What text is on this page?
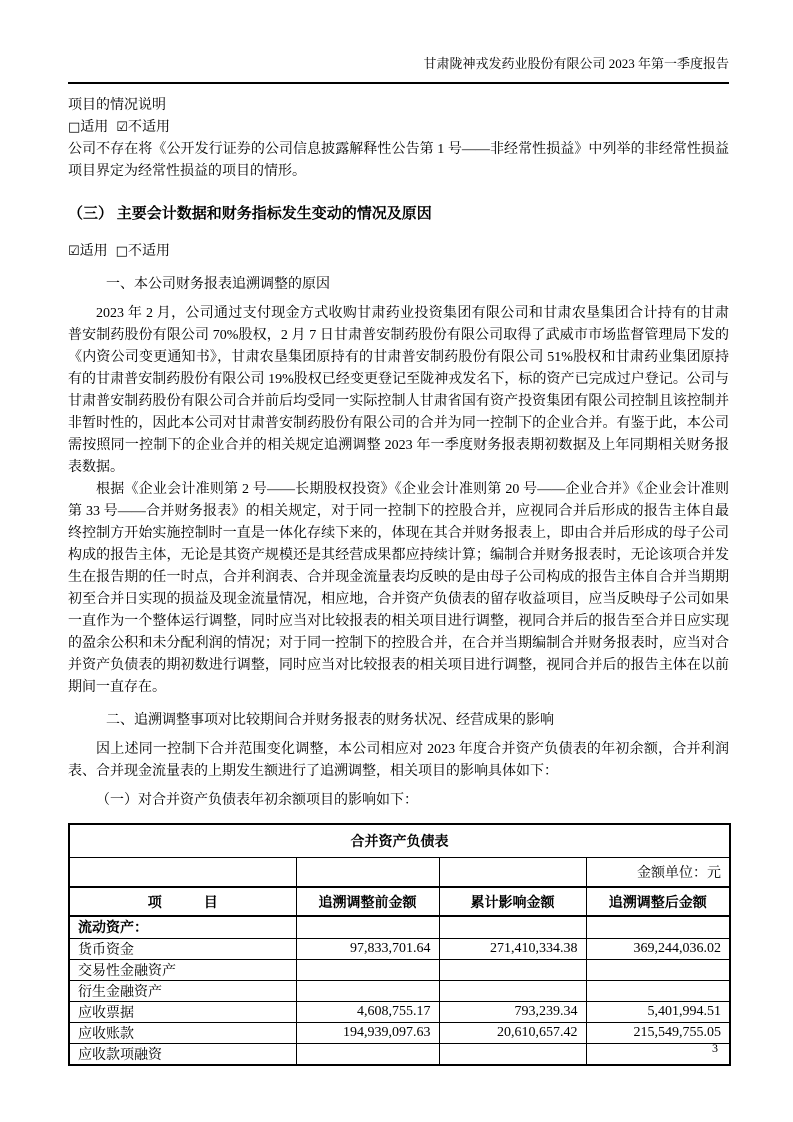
甘肃陇神戎发药业股份有限公司 2023 年第一季度报告
项目的情况说明
□适用 ☑不适用
公司不存在将《公开发行证券的公司信息披露解释性公告第 1 号——非经常性损益》中列举的非经常性损益项目界定为经常性损益的项目的情形。
（三） 主要会计数据和财务指标发生变动的情况及原因
☑适用 □不适用
一、本公司财务报表追溯调整的原因
2023 年 2 月，公司通过支付现金方式收购甘肃药业投资集团有限公司和甘肃农垦集团合计持有的甘肃普安制药股份有限公司 70%股权，2 月 7 日甘肃普安制药股份有限公司取得了武威市市场监督管理局下发的《内资公司变更通知书》，甘肃农垦集团原持有的甘肃普安制药股份有限公司 51%股权和甘肃药业集团原持有的甘肃普安制药股份有限公司 19%股权已经变更登记至陇神戎发名下，标的资产已完成过户登记。公司与甘肃普安制药股份有限公司合并前后均受同一实际控制人甘肃省国有资产投资集团有限公司控制且该控制并非暂时性的，因此本公司对甘肃普安制药股份有限公司的合并为同一控制下的企业合并。有鉴于此，本公司需按照同一控制下的企业合并的相关规定追溯调整 2023 年一季度财务报表期初数据及上年同期相关财务报表数据。
根据《企业会计准则第 2 号——长期股权投资》《企业会计准则第 20 号——企业合并》《企业会计准则第 33 号——合并财务报表》的相关规定，对于同一控制下的控股合并，应视同合并后形成的报告主体自最终控制方开始实施控制时一直是一体化存续下来的，体现在其合并财务报表上，即由合并后形成的母子公司构成的报告主体，无论是其资产规模还是其经营成果都应持续计算；编制合并财务报表时，无论该项合并发生在报告期的任一时点，合并利润表、合并现金流量表均反映的是由母子公司构成的报告主体自合并当期期初至合并日实现的损益及现金流量情况，相应地，合并资产负债表的留存收益项目，应当反映母子公司如果一直作为一个整体运行调整，同时应当对比较报表的相关项目进行调整，视同合并后的报告至合并日应实现的盈余公积和未分配利润的情况；对于同一控制下的控股合并，在合并当期编制合并财务报表时，应当对合并资产负债表的期初数进行调整，同时应当对比较报表的相关项目进行调整，视同合并后的报告主体在以前期间一直存在。
二、追溯调整事项对比较期间合并财务报表的财务状况、经营成果的影响
因上述同一控制下合并范围变化调整，本公司相应对 2023 年度合并资产负债表的年初余额，合并利润表、合并现金流量表的上期发生额进行了追溯调整，相关项目的影响具体如下：
（一）对合并资产负债表年初余额项目的影响如下：
合并资产负债表			
			金额单位：元
项　　　目	追溯调整前金额	累计影响金额	追溯调整后金额
流动资产：			
货币资金	97,833,701.64	271,410,334.38	369,244,036.02
交易性金融资产			
衍生金融资产			
应收票据	4,608,755.17	793,239.34	5,401,994.51
应收账款	194,939,097.63	20,610,657.42	215,549,755.05
应收款项融资				3
